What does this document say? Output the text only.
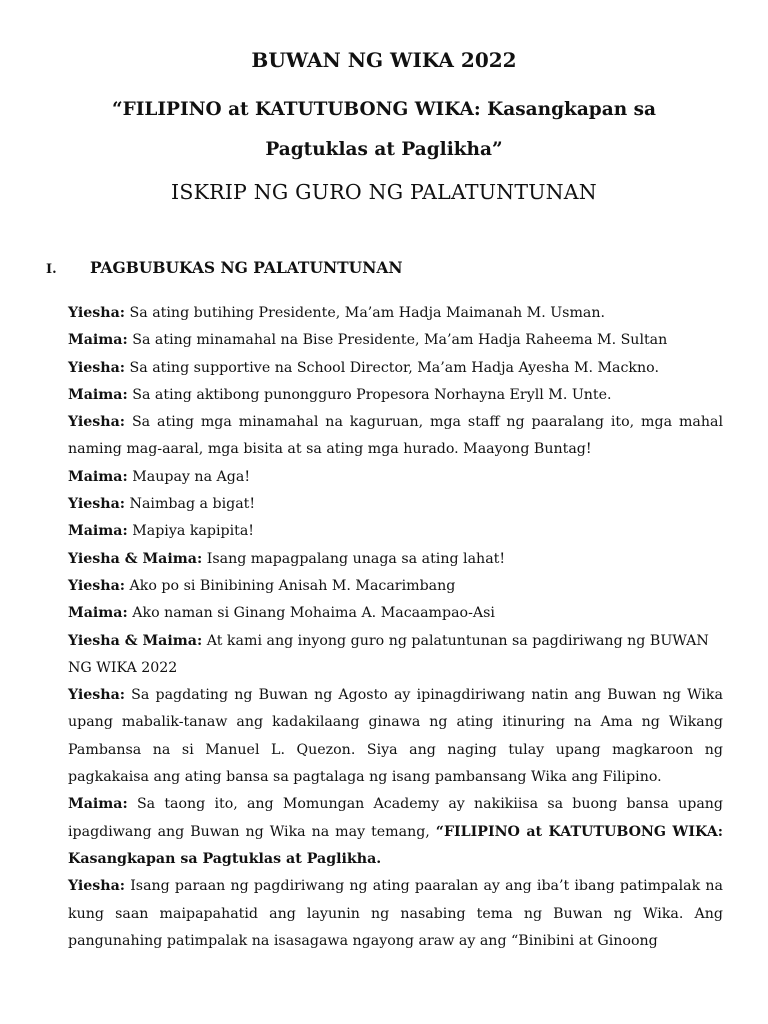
BUWAN NG WIKA 2022
“FILIPINO at KATUTUBONG WIKA: Kasangkapan sa
Pagtuklas at Paglikha”
ISKRIP NG GURO NG PALATUNTUNAN
I. PAGBUBUKAS NG PALATUNTUNAN

Yiesha: Sa ating butihing Presidente, Ma’am Hadja Maimanah M. Usman.

Maima: Sa ating minamahal na Bise Presidente, Ma’am Hadja Raheema M. Sultan

Yiesha: Sa ating supportive na School Director, Ma’am Hadja Ayesha M. Mackno.

Maima: Sa ating aktibong punongguro Propesora Norhayna Eryll M. Unte.

Yiesha: Sa ating mga minamahal na kaguruan, mga staff ng paaralang ito, mga mahal naming mag-aaral, mga bisita at sa ating mga hurado. Maayong Buntag!

Maima: Maupay na Aga!

Yiesha: Naimbag a bigat!

Maima: Mapiya kapipita!

Yiesha & Maima: Isang mapagpalang unaga sa ating lahat!

Yiesha: Ako po si Binibining Anisah M. Macarimbang

Maima: Ako naman si Ginang Mohaima A. Macaampao-Asi

Yiesha & Maima: At kami ang inyong guro ng palatuntunan sa pagdiriwang ng BUWAN NG WIKA 2022

Yiesha: Sa pagdating ng Buwan ng Agosto ay ipinagdiriwang natin ang Buwan ng Wika upang mabalik-tanaw ang kadakilaang ginawa ng ating itinuring na Ama ng Wikang Pambansa na si Manuel L. Quezon. Siya ang naging tulay upang magkaroon ng pagkakaisa ang ating bansa sa pagtalaga ng isang pambansang Wika ang Filipino.

Maima: Sa taong ito, ang Momungan Academy ay nakikiisa sa buong bansa upang ipagdiwang ang Buwan ng Wika na may temang, “FILIPINO at KATUTUBONG WIKA: Kasangkapan sa Pagtuklas at Paglikha.

Yiesha: Isang paraan ng pagdiriwang ng ating paaralan ay ang iba’t ibang patimpalak na kung saan maipapahatid ang layunin ng nasabing tema ng Buwan ng Wika. Ang pangunahing patimpalak na isasagawa ngayong araw ay ang “Binibini at Ginoong
